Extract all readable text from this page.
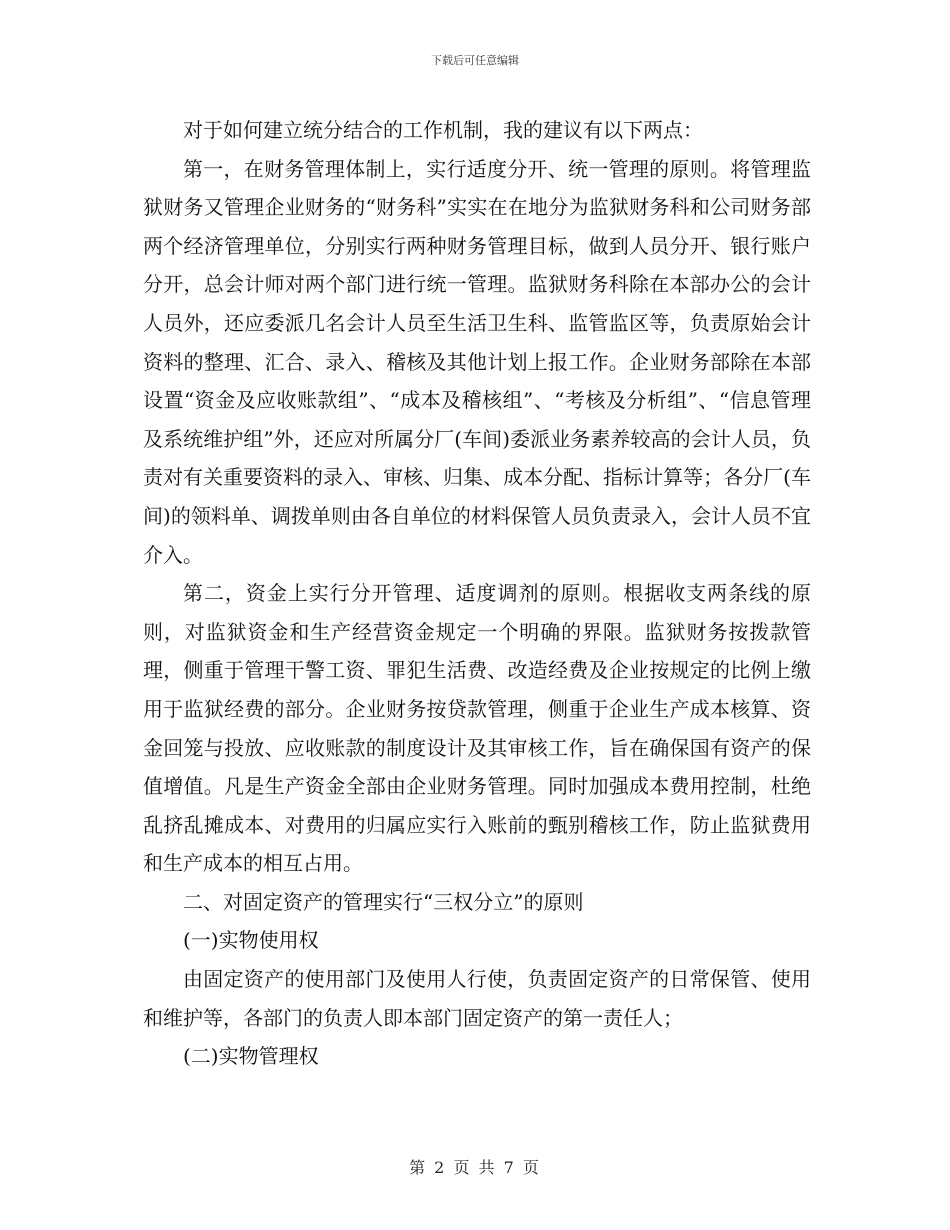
下载后可任意编辑

对于如何建立统分结合的工作机制，我的建议有以下两点：

第一，在财务管理体制上，实行适度分开、统一管理的原则。将管理监狱财务又管理企业财务的“财务科”实实在在地分为监狱财务科和公司财务部两个经济管理单位，分别实行两种财务管理目标，做到人员分开、银行账户分开，总会计师对两个部门进行统一管理。监狱财务科除在本部办公的会计人员外，还应委派几名会计人员至生活卫生科、监管监区等，负责原始会计资料的整理、汇合、录入、稽核及其他计划上报工作。企业财务部除在本部设置“资金及应收账款组”、“成本及稽核组”、“考核及分析组”、“信息管理及系统维护组”外，还应对所属分厂(车间)委派业务素养较高的会计人员，负责对有关重要资料的录入、审核、归集、成本分配、指标计算等；各分厂(车间)的领料单、调拨单则由各自单位的材料保管人员负责录入，会计人员不宜介入。

第二，资金上实行分开管理、适度调剂的原则。根据收支两条线的原则，对监狱资金和生产经营资金规定一个明确的界限。监狱财务按拨款管理，侧重于管理干警工资、罪犯生活费、改造经费及企业按规定的比例上缴用于监狱经费的部分。企业财务按贷款管理，侧重于企业生产成本核算、资金回笼与投放、应收账款的制度设计及其审核工作，旨在确保国有资产的保值增值。凡是生产资金全部由企业财务管理。同时加强成本费用控制，杜绝乱挤乱摊成本、对费用的归属应实行入账前的甄别稽核工作，防止监狱费用和生产成本的相互占用。

二、对固定资产的管理实行“三权分立”的原则

(一)实物使用权

由固定资产的使用部门及使用人行使，负责固定资产的日常保管、使用和维护等，各部门的负责人即本部门固定资产的第一责任人；

(二)实物管理权

第 2 页 共 7 页
